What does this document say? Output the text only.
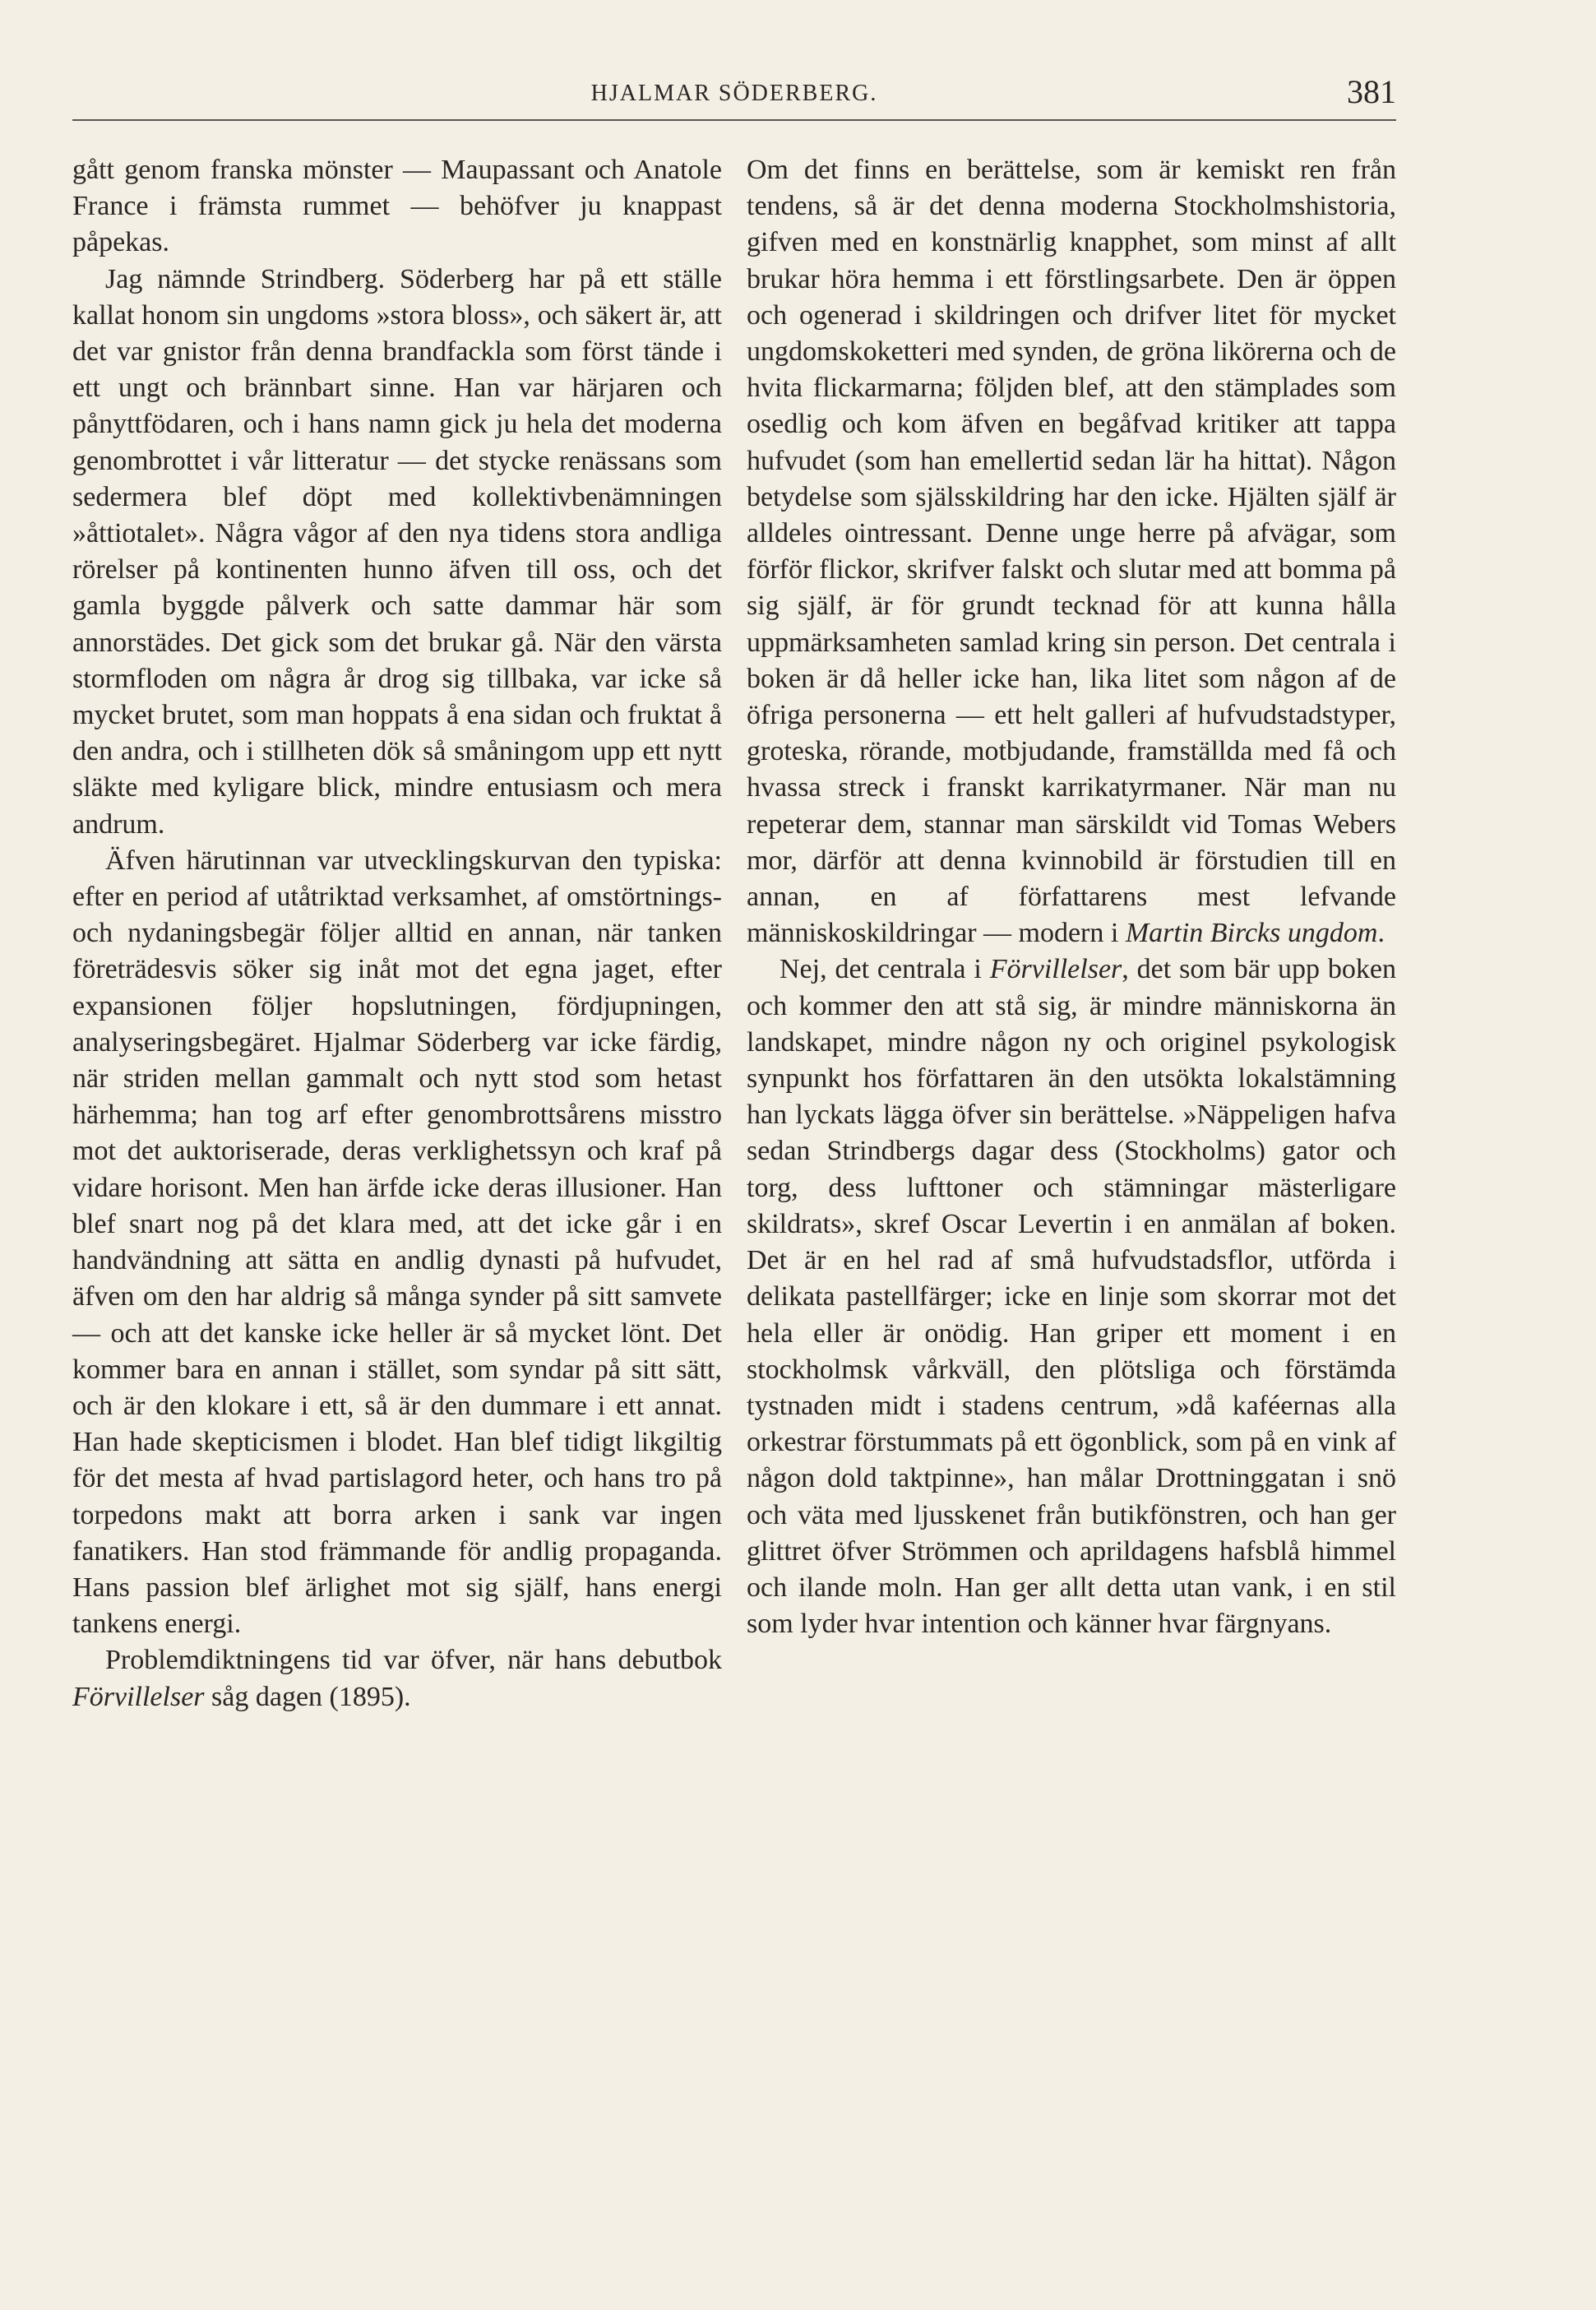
HJALMAR SÖDERBERG.	381

gått genom franska mönster — Maupassant och Anatole France i främsta rummet — behöfver ju knappast påpekas.

Jag nämnde Strindberg. Söderberg har på ett ställe kallat honom sin ungdoms »stora bloss», och säkert är, att det var gnistor från denna brandfackla som först tände i ett ungt och brännbart sinne. Han var härjaren och pånyttfödaren, och i hans namn gick ju hela det moderna genombrottet i vår litteratur — det stycke renässans som sedermera blef döpt med kollektivbenämningen »åttiotalet». Några vågor af den nya tidens stora andliga rörelser på kontinenten hunno äfven till oss, och det gamla byggde pålverk och satte dammar här som annorstädes. Det gick som det brukar gå. När den värsta stormfloden om några år drog sig tillbaka, var icke så mycket brutet, som man hoppats å ena sidan och fruktat å den andra, och i stillheten dök så småningom upp ett nytt släkte med kyligare blick, mindre entusiasm och mera andrum.

Äfven härutinnan var utvecklingskurvan den typiska: efter en period af utåtriktad verksamhet, af omstörtnings- och nydaningsbegär följer alltid en annan, när tanken företrädesvis söker sig inåt mot det egna jaget, efter expansionen följer hopslutningen, fördjupningen, analyseringsbegäret. Hjalmar Söderberg var icke färdig, när striden mellan gammalt och nytt stod som hetast härhemma; han tog arf efter genombrottsårens misstro mot det auktoriserade, deras verklighetssyn och kraf på vidare horisont. Men han ärfde icke deras illusioner. Han blef snart nog på det klara med, att det icke går i en handvändning att sätta en andlig dynasti på hufvudet, äfven om den har aldrig så många synder på sitt samvete — och att det kanske icke heller är så mycket lönt. Det kommer bara en annan i stället, som syndar på sitt sätt, och är den klokare i ett, så är den dummare i ett annat. Han hade skepticismen i blodet. Han blef tidigt likgiltig för det mesta af hvad partislagord heter, och hans tro på torpedons makt att borra arken i sank var ingen fanatikers. Han stod främmande för andlig propaganda. Hans passion blef ärlighet mot sig själf, hans energi tankens energi.

Problemdiktningens tid var öfver, när hans debutbok Förvillelser såg dagen (1895).

Om det finns en berättelse, som är kemiskt ren från tendens, så är det denna moderna Stockholmshistoria, gifven med en konstnärlig knapphet, som minst af allt brukar höra hemma i ett förstlingsarbete. Den är öppen och ogenerad i skildringen och drifver litet för mycket ungdomskoketteri med synden, de gröna likörerna och de hvita flickarmarna; följden blef, att den stämplades som osedlig och kom äfven en begåfvad kritiker att tappa hufvudet (som han emellertid sedan lär ha hittat). Någon betydelse som själsskildring har den icke. Hjälten själf är alldeles ointressant. Denne unge herre på afvägar, som förför flickor, skrifver falskt och slutar med att bomma på sig själf, är för grundt tecknad för att kunna hålla uppmärksamheten samlad kring sin person. Det centrala i boken är då heller icke han, lika litet som någon af de öfriga personerna — ett helt galleri af hufvudstadstyper, groteska, rörande, motbjudande, framställda med få och hvassa streck i franskt karrikatyrmaner. När man nu repeterar dem, stannar man särskildt vid Tomas Webers mor, därför att denna kvinnobild är förstudien till en annan, en af författarens mest lefvande människoskildringar — modern i Martin Bircks ungdom.

Nej, det centrala i Förvillelser, det som bär upp boken och kommer den att stå sig, är mindre människorna än landskapet, mindre någon ny och originel psykologisk synpunkt hos författaren än den utsökta lokalstämning han lyckats lägga öfver sin berättelse. »Näppeligen hafva sedan Strindbergs dagar dess (Stockholms) gator och torg, dess lufttoner och stämningar mästerligare skildrats», skref Oscar Levertin i en anmälan af boken. Det är en hel rad af små hufvudstadsflor, utförda i delikata pastellfärger; icke en linje som skorrar mot det hela eller är onödig. Han griper ett moment i en stockholmsk vårkväll, den plötsliga och förstämda tystnaden midt i stadens centrum, »då kaféernas alla orkestrar förstummats på ett ögonblick, som på en vink af någon dold taktpinne», han målar Drottninggatan i snö och väta med ljusskenet från butikfönstren, och han ger glittret öfver Strömmen och aprildagens hafsblå himmel och ilande moln. Han ger allt detta utan vank, i en stil som lyder hvar intention och känner hvar färgnyans.
